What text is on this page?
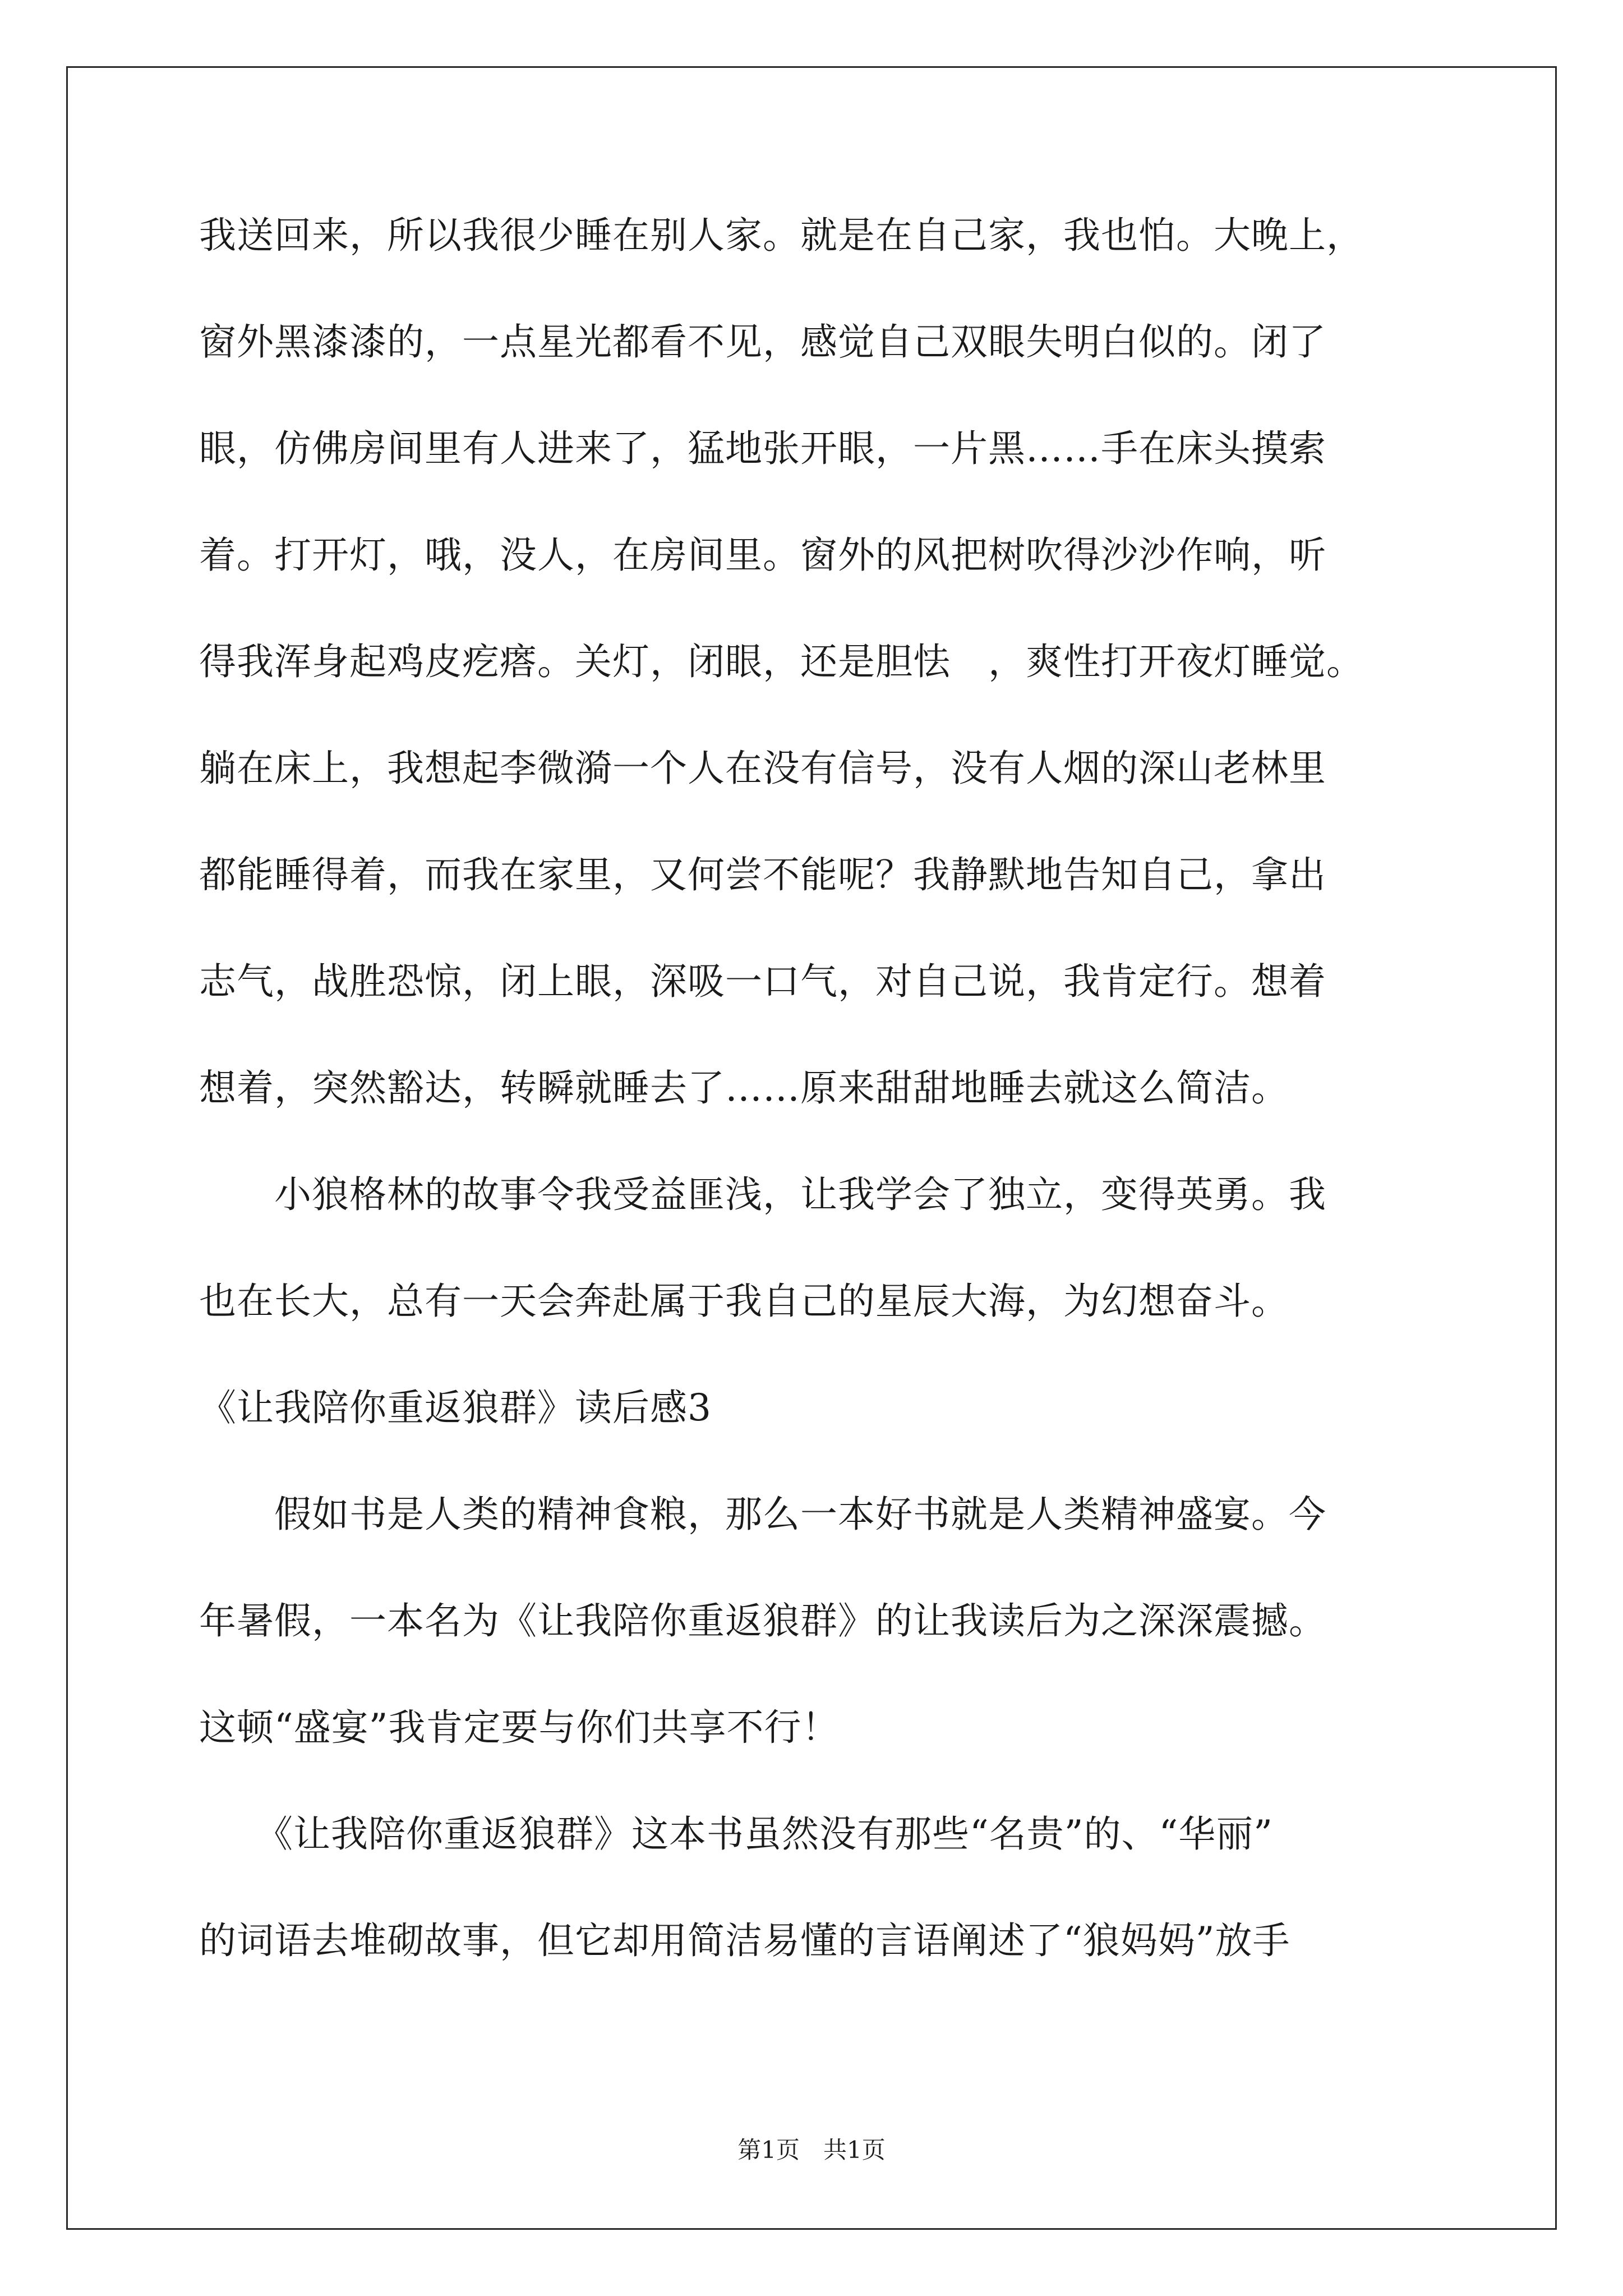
我送回来，所以我很少睡在别人家。就是在自己家，我也怕。大晚上，
窗外黑漆漆的，一点星光都看不见，感觉自己双眼失明白似的。闭了
眼，仿佛房间里有人进来了，猛地张开眼，一片黑……手在床头摸索
着。打开灯，哦，没人，在房间里。窗外的风把树吹得沙沙作响，听
得我浑身起鸡皮疙瘩。关灯，闭眼，还是胆怯　，爽性打开夜灯睡觉。
躺在床上，我想起李微漪一个人在没有信号，没有人烟的深山老林里
都能睡得着，而我在家里，又何尝不能呢？我静默地告知自己，拿出
志气，战胜恐惊，闭上眼，深吸一口气，对自己说，我肯定行。想着
想着，突然豁达，转瞬就睡去了……原来甜甜地睡去就这么简洁。
　　小狼格林的故事令我受益匪浅，让我学会了独立，变得英勇。我
也在长大，总有一天会奔赴属于我自己的星辰大海，为幻想奋斗。
《让我陪你重返狼群》读后感3
　　假如书是人类的精神食粮，那么一本好书就是人类精神盛宴。今
年暑假，一本名为《让我陪你重返狼群》的让我读后为之深深震撼。
这顿“盛宴”我肯定要与你们共享不行！
　　《让我陪你重返狼群》这本书虽然没有那些“名贵”的、“华丽”
的词语去堆砌故事，但它却用简洁易懂的言语阐述了“狼妈妈”放手
第1页　共1页
